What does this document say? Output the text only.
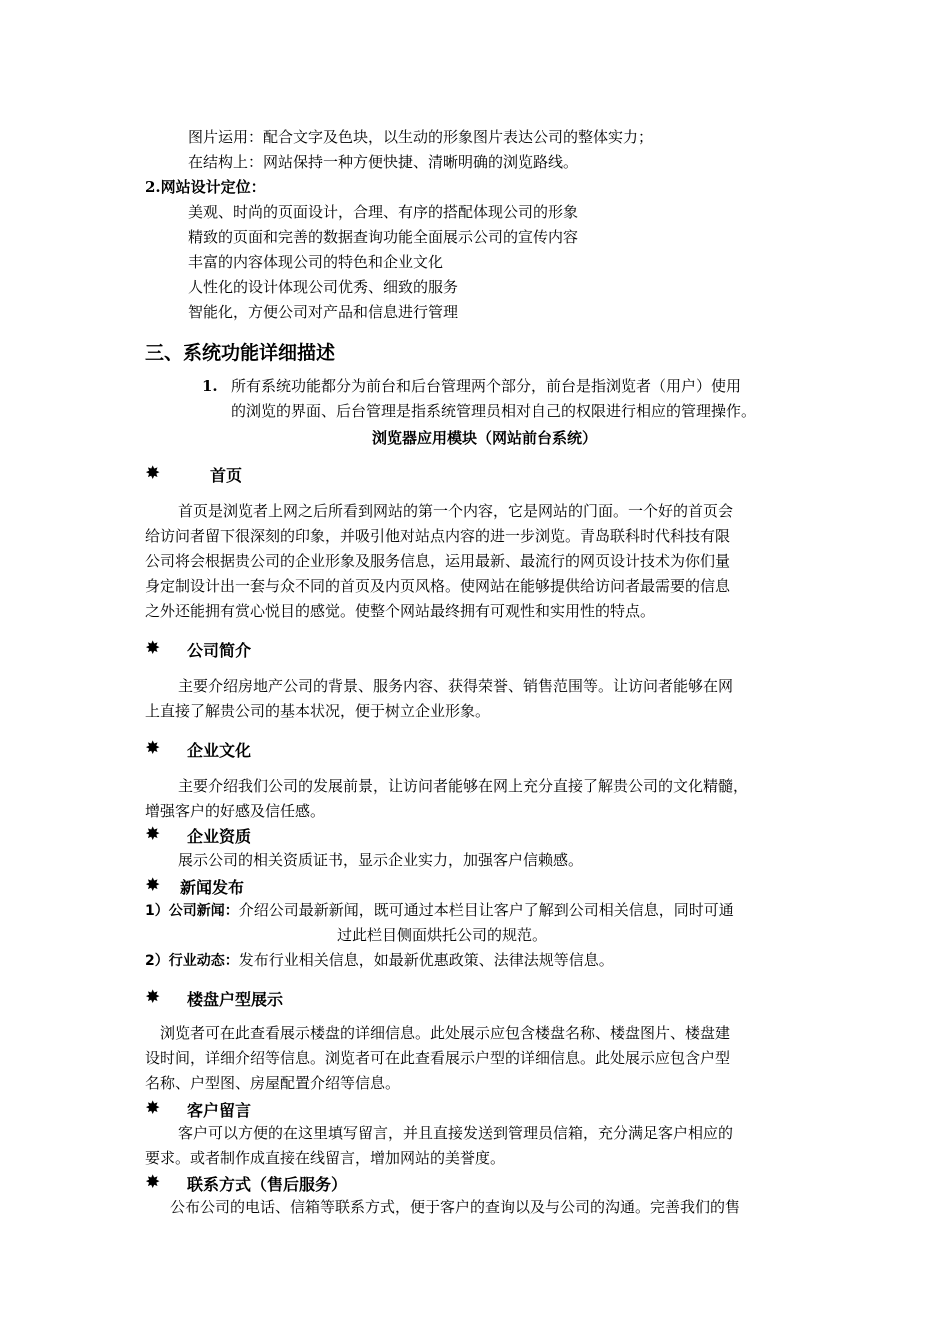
图片运用：配合文字及色块，以生动的形象图片表达公司的整体实力；
在结构上：网站保持一种方便快捷、清晰明确的浏览路线。
2.网站设计定位：
美观、时尚的页面设计，合理、有序的搭配体现公司的形象
精致的页面和完善的数据查询功能全面展示公司的宣传内容
丰富的内容体现公司的特色和企业文化
人性化的设计体现公司优秀、细致的服务
智能化，方便公司对产品和信息进行管理
三、系统功能详细描述
1. 所有系统功能都分为前台和后台管理两个部分，前台是指浏览者（用户）使用
的浏览的界面、后台管理是指系统管理员相对自己的权限进行相应的管理操作。
浏览器应用模块（网站前台系统）
✸	首页
首页是浏览者上网之后所看到网站的第一个内容，它是网站的门面。一个好的首页会
给访问者留下很深刻的印象，并吸引他对站点内容的进一步浏览。青岛联科时代科技有限
公司将会根据贵公司的企业形象及服务信息，运用最新、最流行的网页设计技术为你们量
身定制设计出一套与众不同的首页及内页风格。使网站在能够提供给访问者最需要的信息
之外还能拥有赏心悦目的感觉。使整个网站最终拥有可观性和实用性的特点。
✸ 公司简介
主要介绍房地产公司的背景、服务内容、获得荣誉、销售范围等。让访问者能够在网
上直接了解贵公司的基本状况，便于树立企业形象。
✸ 企业文化
主要介绍我们公司的发展前景，让访问者能够在网上充分直接了解贵公司的文化精髓，
增强客户的好感及信任感。
✸ 企业资质
展示公司的相关资质证书，显示企业实力，加强客户信赖感。
✸ 新闻发布
1）公司新闻：介绍公司最新新闻，既可通过本栏目让客户了解到公司相关信息，同时可通
过此栏目侧面烘托公司的规范。
2）行业动态：发布行业相关信息，如最新优惠政策、法律法规等信息。
✸ 楼盘户型展示
浏览者可在此查看展示楼盘的详细信息。此处展示应包含楼盘名称、楼盘图片、楼盘建
设时间，详细介绍等信息。浏览者可在此查看展示户型的详细信息。此处展示应包含户型
名称、户型图、房屋配置介绍等信息。
✸ 客户留言
客户可以方便的在这里填写留言，并且直接发送到管理员信箱，充分满足客户相应的
要求。或者制作成直接在线留言，增加网站的美誉度。
✸ 联系方式（售后服务）
公布公司的电话、信箱等联系方式，便于客户的查询以及与公司的沟通。完善我们的售
